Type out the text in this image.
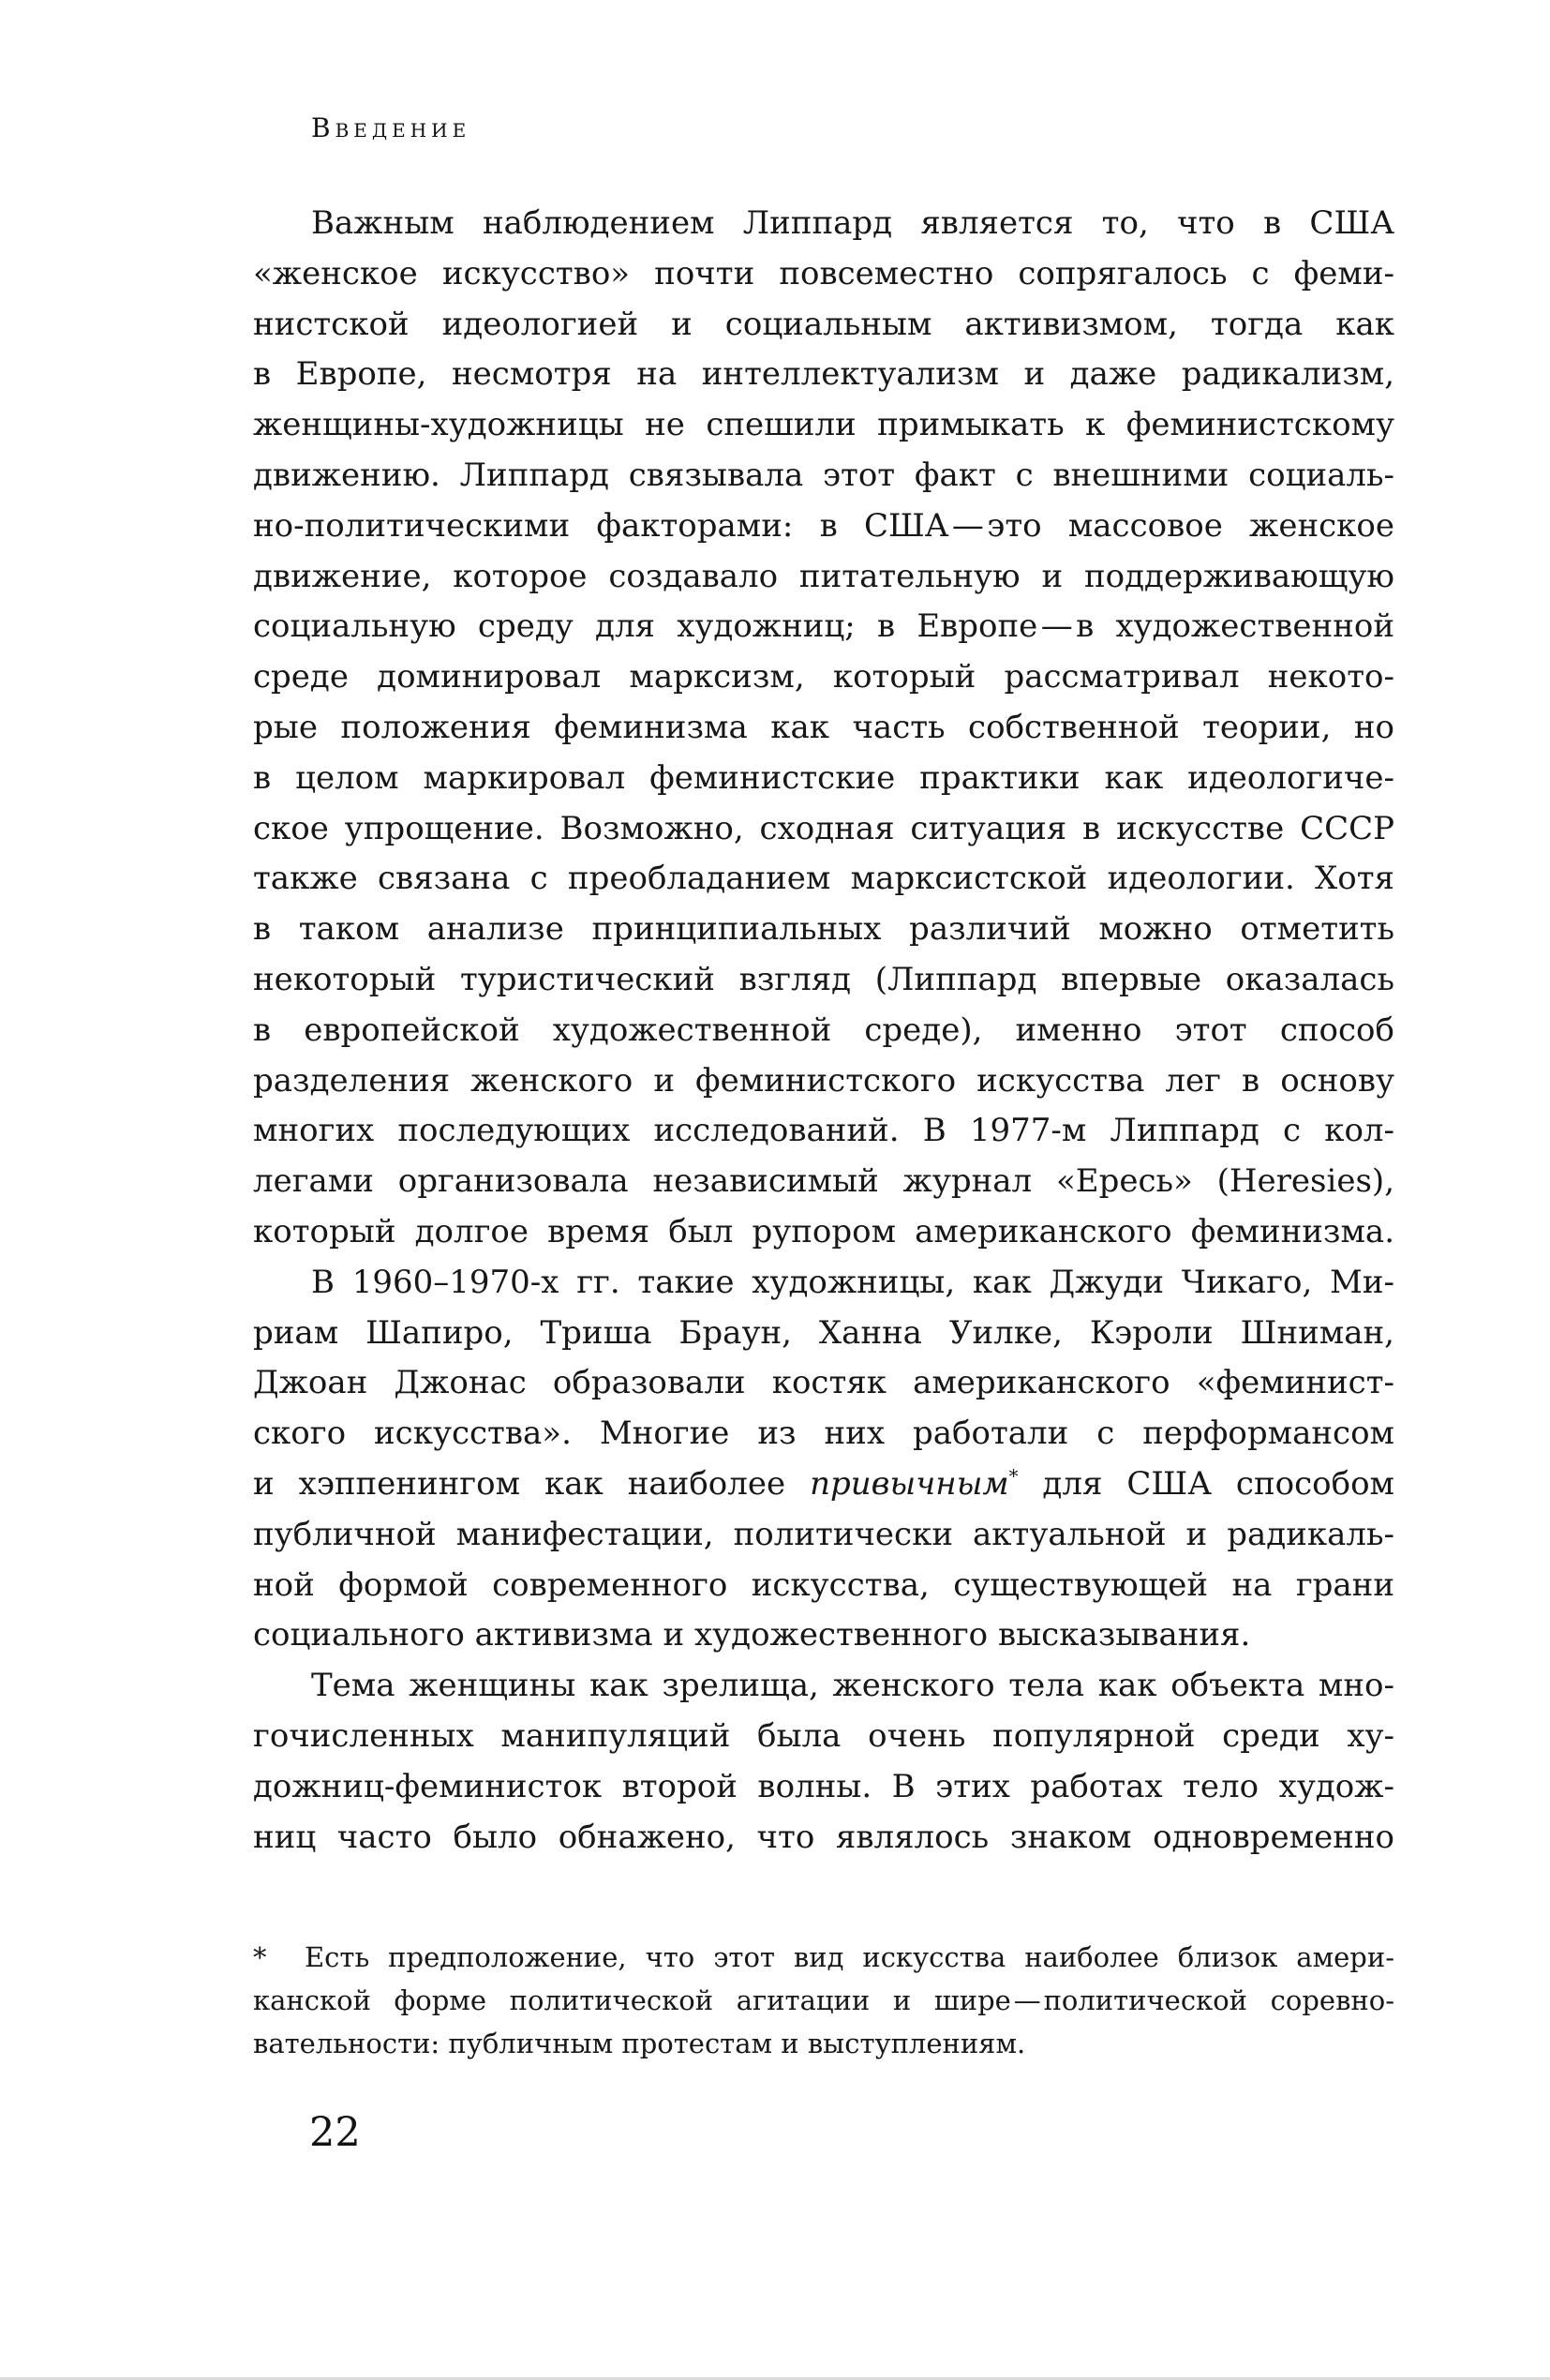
Введение
Важным наблюдением Липпард является то, что в США
«женское искусство» почти повсеместно сопрягалось с феми-
нистской идеологией и социальным активизмом, тогда как
в Европе, несмотря на интеллектуализм и даже радикализм,
женщины-художницы не спешили примыкать к феминистскому
движению. Липпард связывала этот факт с внешними социаль-
но-политическими факторами: в США — это массовое женское
движение, которое создавало питательную и поддерживающую
социальную среду для художниц; в Европе — в художественной
среде доминировал марксизм, который рассматривал некото-
рые положения феминизма как часть собственной теории, но
в целом маркировал феминистские практики как идеологиче-
ское упрощение. Возможно, сходная ситуация в искусстве СССР
также связана с преобладанием марксистской идеологии. Хотя
в таком анализе принципиальных различий можно отметить
некоторый туристический взгляд (Липпард впервые оказалась
в европейской художественной среде), именно этот способ
разделения женского и феминистского искусства лег в основу
многих последующих исследований. В 1977-м Липпард с кол-
легами организовала независимый журнал «Ересь» (Heresies),
который долгое время был рупором американского феминизма.
В 1960–1970-х гг. такие художницы, как Джуди Чикаго, Ми-
риам Шапиро, Триша Браун, Ханна Уилке, Кэроли Шниман,
Джоан Джонас образовали костяк американского «феминист-
ского искусства». Многие из них работали с перформансом
и хэппенингом как наиболее привычным* для США способом
публичной манифестации, политически актуальной и радикаль-
ной формой современного искусства, существующей на грани
социального активизма и художественного высказывания.
Тема женщины как зрелища, женского тела как объекта мно-
гочисленных манипуляций была очень популярной среди ху-
дожниц-феминисток второй волны. В этих работах тело худож-
ниц часто было обнажено, что являлось знаком одновременно
* Есть предположение, что этот вид искусства наиболее близок амери-
канской форме политической агитации и шире — политической соревно-
вательности: публичным протестам и выступлениям.
22
